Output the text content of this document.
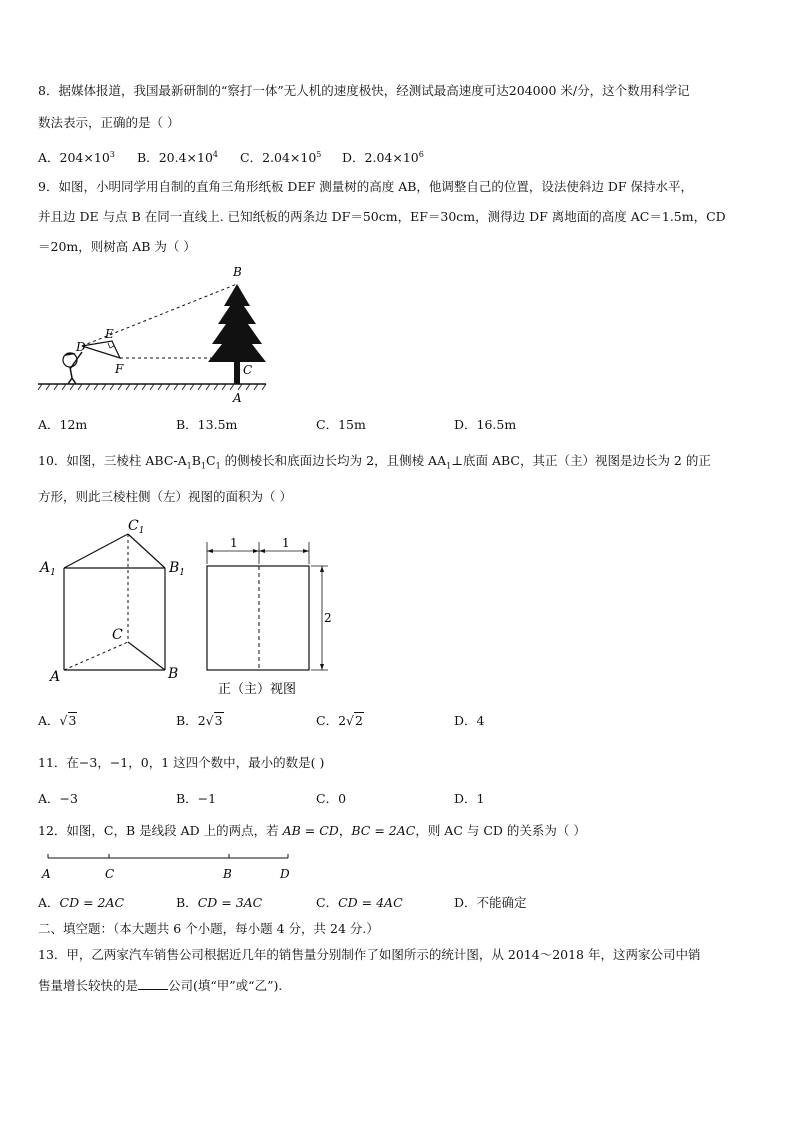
8．据媒体报道，我国最新研制的“察打一体”无人机的速度极快，经测试最高速度可达204000 米/分，这个数用科学记
数法表示，正确的是（ ）
A．$204\times 10^3$ B．$20.4\times 10^4$ C．$2.04\times 10^5$ D．$2.04\times 10^6$
9．如图，小明同学用自制的直角三角形纸板 DEF 测量树的高度 AB，他调整自己的位置，设法使斜边 DF 保持水平，
并且边 DE 与点 B 在同一直线上. 已知纸板的两条边 DF＝50cm，EF＝30cm，测得边 DF 离地面的高度 AC＝1.5m，CD
＝20m，则树高 AB 为（ ）
B
E
D
F	C
A
A．12m	B．13.5m	C．15m	D．16.5m
10．如图，三棱柱 ABC-$A_1B_1C_1$ 的侧棱长和底面边长均为 2，且侧棱 $AA_1\perp$底面 ABC，其正（主）视图是边长为 2 的正
方形，则此三棱柱侧（左）视图的面积为（ ）
$C_1$
$A_1$	$B_1$
C
A	B
1	1
2
正（主）视图
A．√3	B．2√3	C．2√2	D．4
11．在−3，−1，0，1 这四个数中，最小的数是( )
A．−3	B．−1	C．0	D．1
12．如图，C，B 是线段 AD 上的两点，若 AB = CD，BC = 2AC，则 AC 与 CD 的关系为（ ）
A	C	B	D
A．CD = 2AC	B．CD = 3AC	C．CD = 4AC	D．不能确定
二、填空题：（本大题共 6 个小题，每小题 4 分，共 24 分.）
13．甲，乙两家汽车销售公司根据近几年的销售量分别制作了如图所示的统计图，从 2014～2018 年，这两家公司中销
售量增长较快的是 公司(填“甲”或“乙”).
